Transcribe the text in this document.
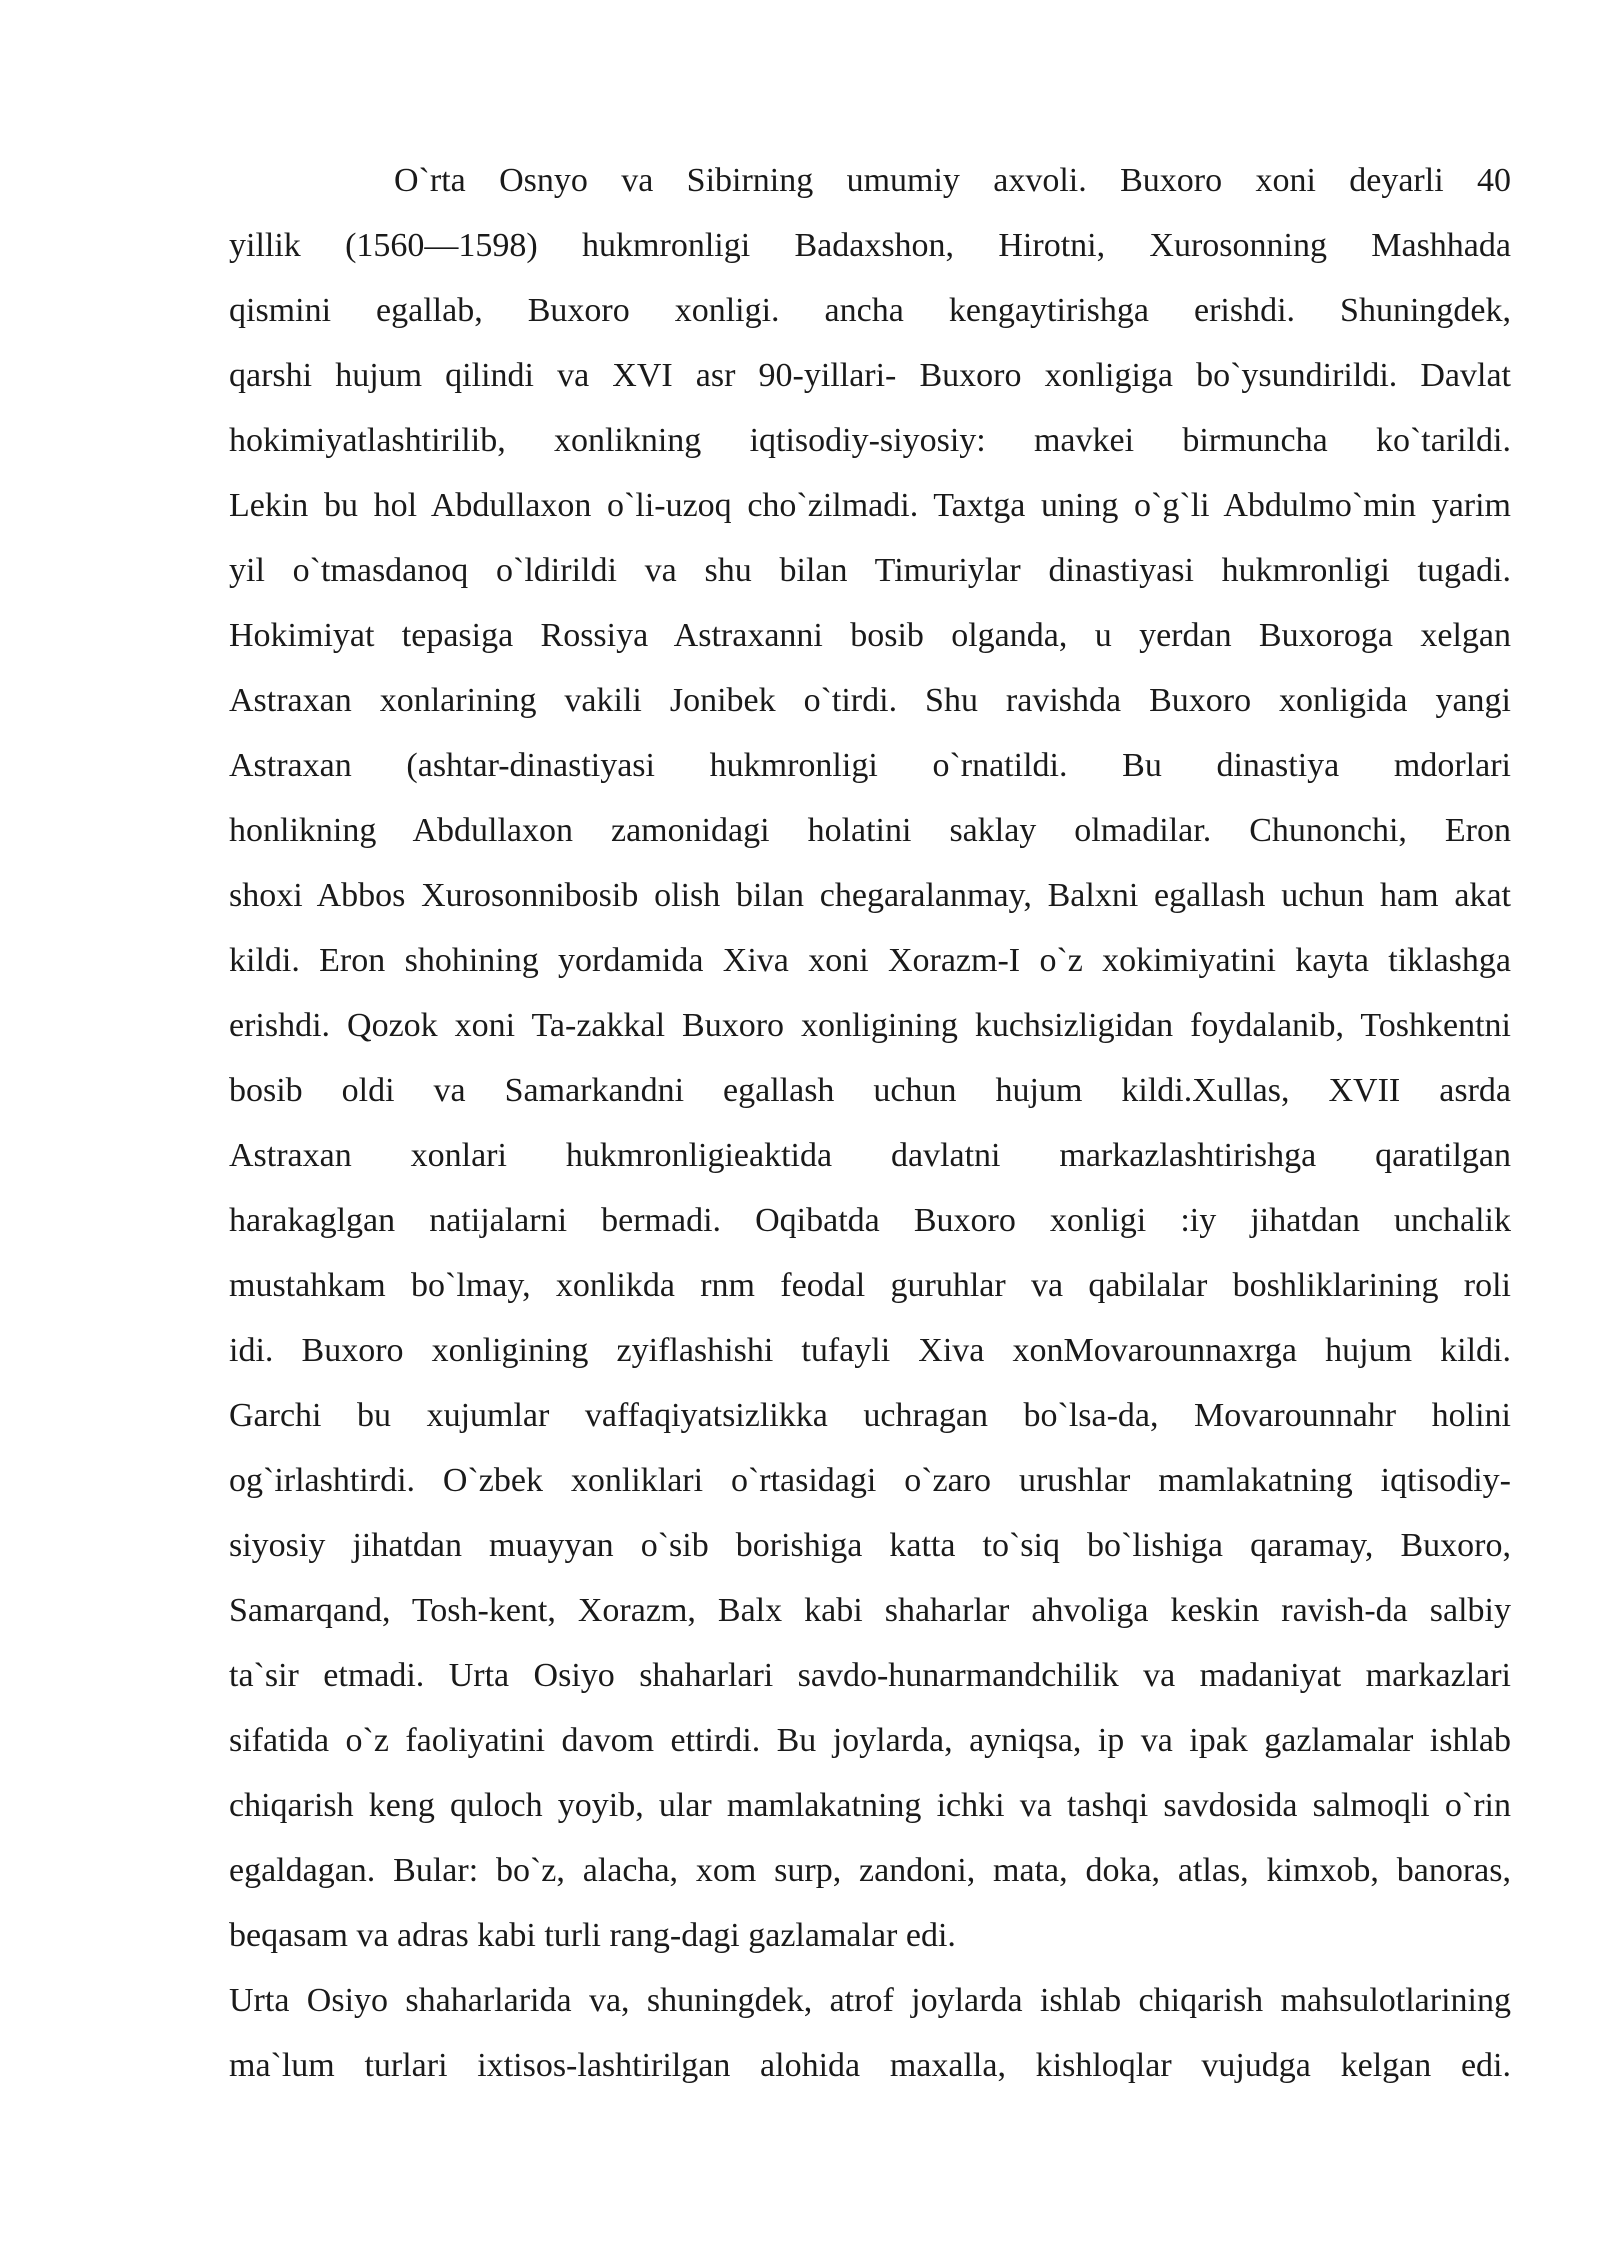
O`rta Osnyo va Sibirning umumiy axvoli. Buxoro xoni deyarli 40
yillik (1560—1598) hukmronligi Badaxshon, Hirotni, Xurosonning Mashhada
qismini egallab, Buxoro xonligi. ancha kengaytirishga erishdi. Shuningdek,
qarshi hujum qilindi va XVI asr 90-yillari- Buxoro xonligiga bo`ysundirildi. Davlat
hokimiyatlashtirilib, xonlikning iqtisodiy-siyosiy: mavkei birmuncha ko`tarildi.
Lekin bu hol Abdullaxon o`li-uzoq cho`zilmadi. Taxtga uning o`g`li Abdulmo`min yarim
yil o`tmasdanoq o`ldirildi va shu bilan Timuriylar dinastiyasi hukmronligi tugadi.
Hokimiyat tepasiga Rossiya Astraxanni bosib olganda, u yerdan Buxoroga xelgan
Astraxan xonlarining vakili Jonibek o`tirdi. Shu ravishda Buxoro xonligida yangi
Astraxan (ashtar-dinastiyasi hukmronligi o`rnatildi. Bu dinastiya mdorlari
honlikning Abdullaxon zamonidagi holatini saklay olmadilar. Chunonchi, Eron
shoxi Abbos Xurosonnibosib olish bilan chegaralanmay, Balxni egallash uchun ham akat
kildi. Eron shohining yordamida Xiva xoni Xorazm-I o`z xokimiyatini kayta tiklashga
erishdi. Qozok xoni Ta-zakkal Buxoro xonligining kuchsizligidan foydalanib, Toshkentni
bosib oldi va Samarkandni egallash uchun hujum kildi.Xullas, XVII asrda
Astraxan xonlari hukmronligieaktida davlatni markazlashtirishga qaratilgan
harakaglgan natijalarni bermadi. Oqibatda Buxoro xonligi :iy jihatdan unchalik
mustahkam bo`lmay, xonlikda rnm feodal guruhlar va qabilalar boshliklarining roli
idi. Buxoro xonligining zyiflashishi tufayli Xiva xonMovarounnaxrga hujum kildi.
Garchi bu xujumlar vaffaqiyatsizlikka uchragan bo`lsa-da, Movarounnahr holini
og`irlashtirdi. O`zbek xonliklari o`rtasidagi o`zaro urushlar mamlakatning iqtisodiy-
siyosiy jihatdan muayyan o`sib borishiga katta to`siq bo`lishiga qaramay, Buxoro,
Samarqand, Tosh-kent, Xorazm, Balx kabi shaharlar ahvoliga keskin ravish-da salbiy
ta`sir etmadi. Urta Osiyo shaharlari savdo-hunarmandchilik va madaniyat markazlari
sifatida o`z faoliyatini davom ettirdi. Bu joylarda, ayniqsa, ip va ipak gazlamalar ishlab
chiqarish keng quloch yoyib, ular mamlakatning ichki va tashqi savdosida salmoqli o`rin
egaldagan. Bular: bo`z, alacha, xom surp, zandoni, mata, doka, atlas, kimxob, banoras,
beqasam va adras kabi turli rang-dagi gazlamalar edi.
Urta Osiyo shaharlarida va, shuningdek, atrof joylarda ishlab chiqarish mahsulotlarining
ma`lum turlari ixtisos-lashtirilgan alohida maxalla, kishloqlar vujudga kelgan edi.
